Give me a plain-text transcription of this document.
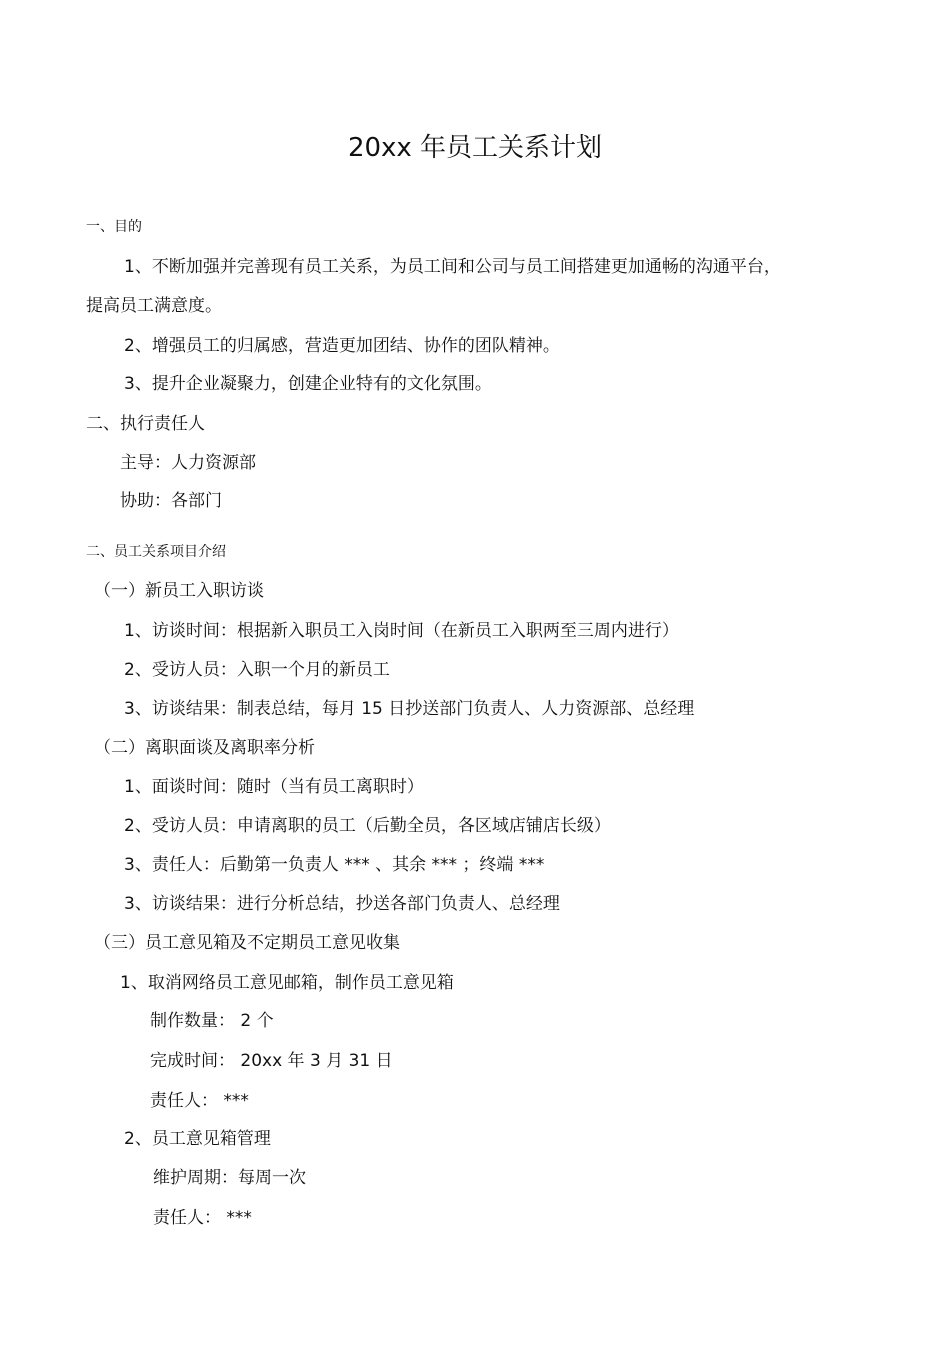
20xx 年员工关系计划
一、目的
1、不断加强并完善现有员工关系，为员工间和公司与员工间搭建更加通畅的沟通平台，
提高员工满意度。
2、增强员工的归属感，营造更加团结、协作的团队精神。
3、提升企业凝聚力，创建企业特有的文化氛围。
二、执行责任人
主导：人力资源部
协助：各部门
二、员工关系项目介绍
（一）新员工入职访谈
1、访谈时间：根据新入职员工入岗时间（在新员工入职两至三周内进行）
2、受访人员：入职一个月的新员工
3、访谈结果：制表总结，每月 15 日抄送部门负责人、人力资源部、总经理
（二）离职面谈及离职率分析
1、面谈时间：随时（当有员工离职时）
2、受访人员：申请离职的员工（后勤全员，各区域店铺店长级）
3、责任人：后勤第一负责人 *** 、其余 *** ；终端 ***
3、访谈结果：进行分析总结，抄送各部门负责人、总经理
（三）员工意见箱及不定期员工意见收集
1、取消网络员工意见邮箱，制作员工意见箱
制作数量： 2 个
完成时间： 20xx 年 3 月 31 日
责任人： ***
2、员工意见箱管理
维护周期：每周一次
责任人： ***
